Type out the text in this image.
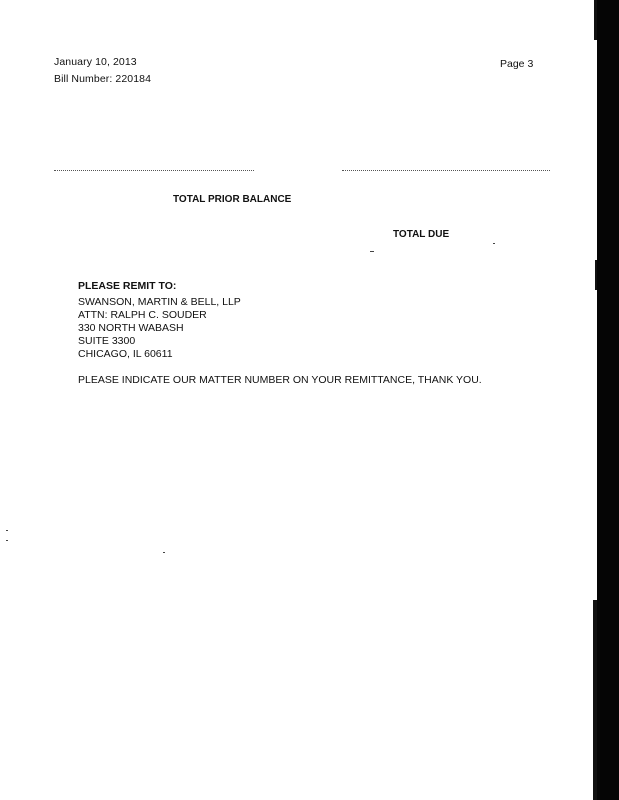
January 10, 2013
Bill Number: 220184
Page 3
TOTAL PRIOR BALANCE
TOTAL DUE
PLEASE REMIT TO:
SWANSON, MARTIN & BELL, LLP
ATTN: RALPH C. SOUDER
330 NORTH WABASH
SUITE 3300
CHICAGO, IL 60611
PLEASE INDICATE OUR MATTER NUMBER ON YOUR REMITTANCE, THANK YOU.
